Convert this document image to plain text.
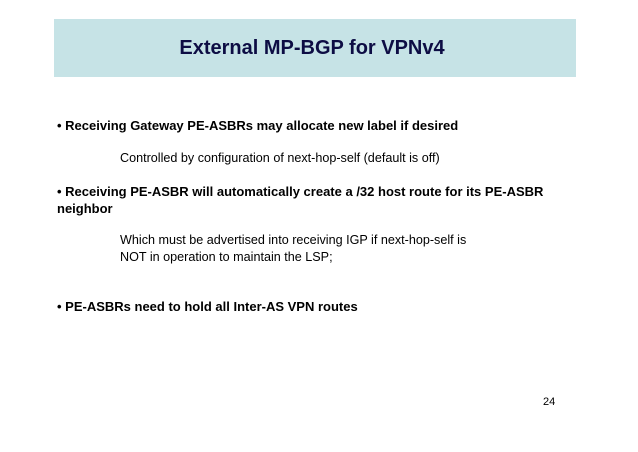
External MP-BGP for VPNv4
• Receiving Gateway PE-ASBRs may allocate new label if desired
Controlled by configuration of next-hop-self (default is off)
• Receiving PE-ASBR will automatically create a /32 host route for its PE-ASBR neighbor
Which must be advertised into receiving IGP if next-hop-self is
NOT in operation to maintain the LSP;
• PE-ASBRs need to hold all Inter-AS VPN routes
24
